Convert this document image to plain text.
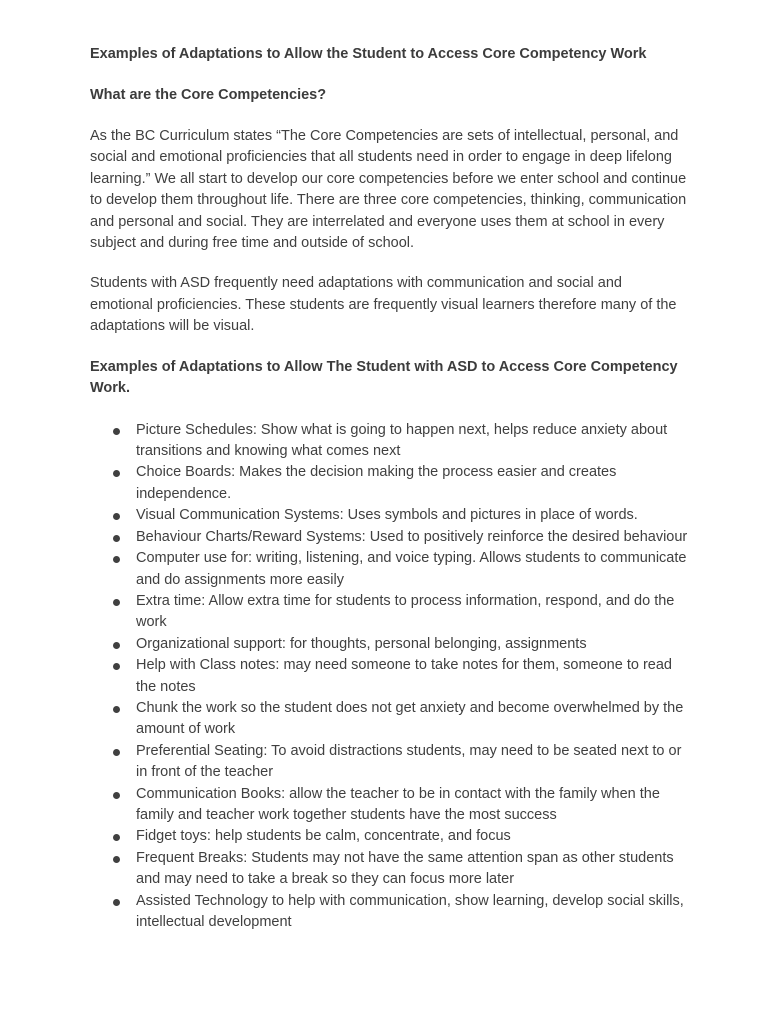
Examples of Adaptations to Allow the Student to Access Core Competency Work

What are the Core Competencies?

As the BC Curriculum states “The Core Competencies are sets of intellectual, personal, and social and emotional proficiencies that all students need in order to engage in deep lifelong learning.” We all start to develop our core competencies before we enter school and continue to develop them throughout life. There are three core competencies, thinking, communication and personal and social. They are interrelated and everyone uses them at school in every subject and during free time and outside of school.

Students with ASD frequently need adaptations with communication and social and emotional proficiencies. These students are frequently visual learners therefore many of the adaptations will be visual.

Examples of Adaptations to Allow The Student with ASD to Access Core Competency Work.

Picture Schedules: Show what is going to happen next, helps reduce anxiety about transitions and knowing what comes next
Choice Boards: Makes the decision making the process easier and creates independence.
Visual Communication Systems: Uses symbols and pictures in place of words.
Behaviour Charts/Reward Systems: Used to positively reinforce the desired behaviour
Computer use for: writing, listening, and voice typing. Allows students to communicate and do assignments more easily
Extra time: Allow extra time for students to process information, respond, and do the work
Organizational support: for thoughts, personal belonging, assignments
Help with Class notes: may need someone to take notes for them, someone to read the notes
Chunk the work so the student does not get anxiety and become overwhelmed by the amount of work
Preferential Seating: To avoid distractions students, may need to be seated next to or in front of the teacher
Communication Books: allow the teacher to be in contact with the family when the family and teacher work together students have the most success
Fidget toys: help students be calm, concentrate, and focus
Frequent Breaks: Students may not have the same attention span as other students and may need to take a break so they can focus more later
Assisted Technology to help with communication, show learning, develop social skills, intellectual development
